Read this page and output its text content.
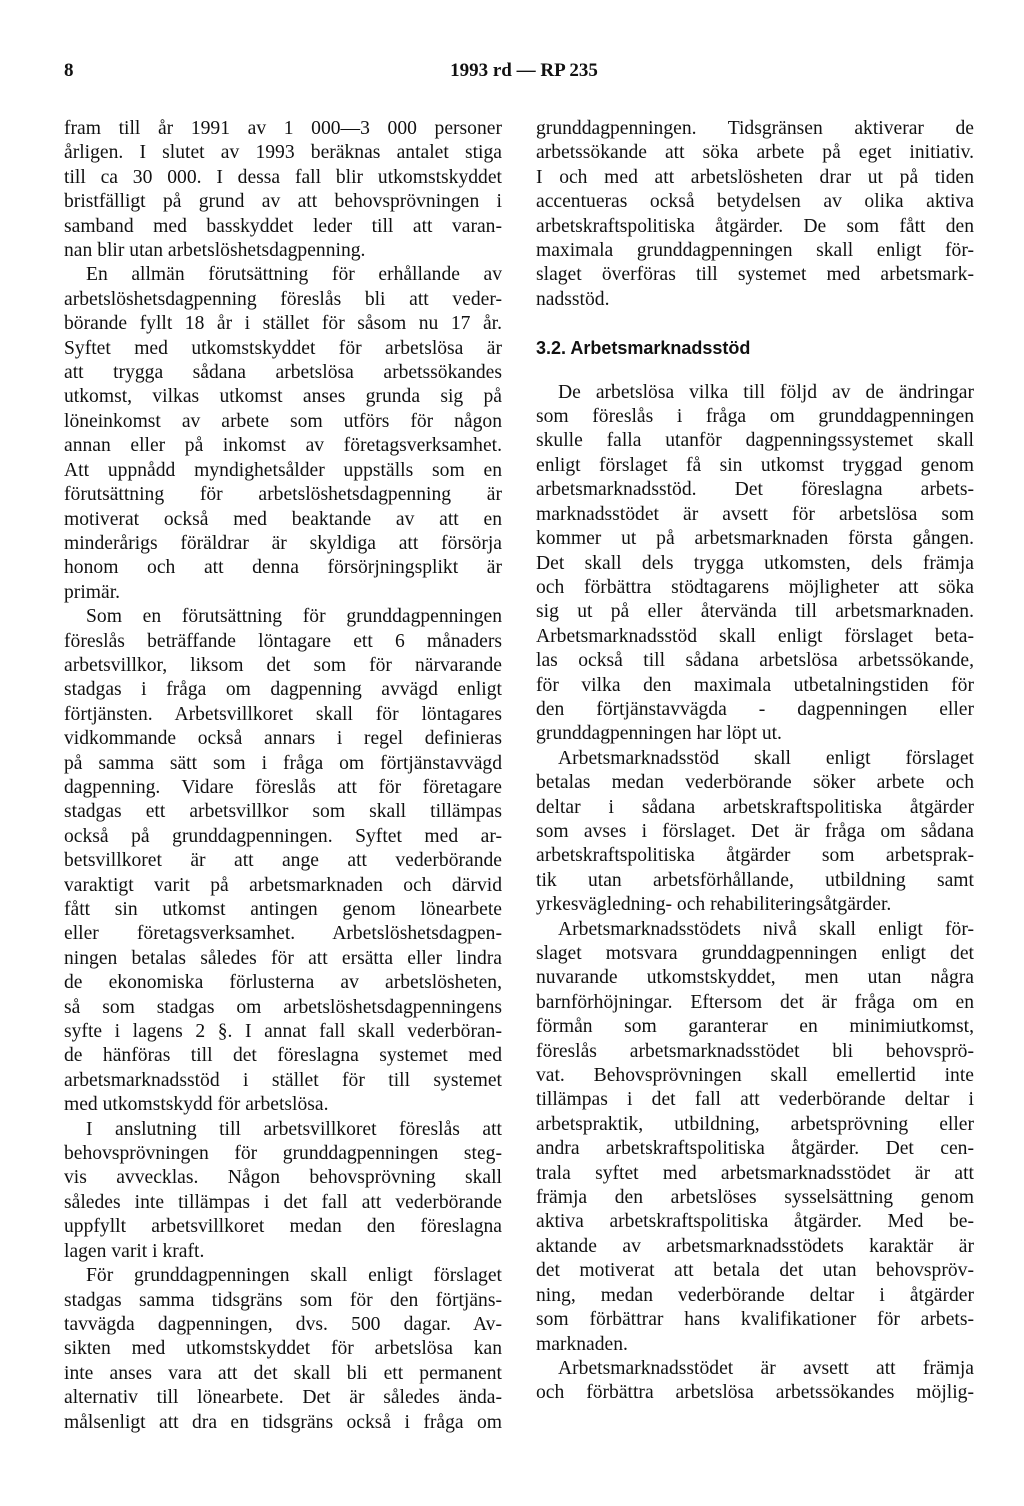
8	1993 rd — RP 235
fram till år 1991 av 1 000—3 000 personer
årligen. I slutet av 1993 beräknas antalet stiga
till ca 30 000. I dessa fall blir utkomstskyddet
bristfälligt på grund av att behovsprövningen i
samband med basskyddet leder till att varan-
nan blir utan arbetslöshetsdagpenning.
En allmän förutsättning för erhållande av
arbetslöshetsdagpenning föreslås bli att veder-
börande fyllt 18 år i stället för såsom nu 17 år.
Syftet med utkomstskyddet för arbetslösa är
att trygga sådana arbetslösa arbetssökandes
utkomst, vilkas utkomst anses grunda sig på
löneinkomst av arbete som utförs för någon
annan eller på inkomst av företagsverksamhet.
Att uppnådd myndighetsålder uppställs som en
förutsättning för arbetslöshetsdagpenning är
motiverat också med beaktande av att en
minderårigs föräldrar är skyldiga att försörja
honom och att denna försörjningsplikt är
primär.
Som en förutsättning för grunddagpenningen
föreslås beträffande löntagare ett 6 månaders
arbetsvillkor, liksom det som för närvarande
stadgas i fråga om dagpenning avvägd enligt
förtjänsten. Arbetsvillkoret skall för löntagares
vidkommande också annars i regel definieras
på samma sätt som i fråga om förtjänstavvägd
dagpenning. Vidare föreslås att för företagare
stadgas ett arbetsvillkor som skall tillämpas
också på grunddagpenningen. Syftet med ar-
betsvillkoret är att ange att vederbörande
varaktigt varit på arbetsmarknaden och därvid
fått sin utkomst antingen genom lönearbete
eller företagsverksamhet. Arbetslöshetsdagpen-
ningen betalas således för att ersätta eller lindra
de ekonomiska förlusterna av arbetslösheten,
så som stadgas om arbetslöshetsdagpenningens
syfte i lagens 2 §. I annat fall skall vederböran-
de hänföras till det föreslagna systemet med
arbetsmarknadsstöd i stället för till systemet
med utkomstskydd för arbetslösa.
I anslutning till arbetsvillkoret föreslås att
behovsprövningen för grunddagpenningen steg-
vis avvecklas. Någon behovsprövning skall
således inte tillämpas i det fall att vederbörande
uppfyllt arbetsvillkoret medan den föreslagna
lagen varit i kraft.
För grunddagpenningen skall enligt förslaget
stadgas samma tidsgräns som för den förtjäns-
tavvägda dagpenningen, dvs. 500 dagar. Av-
sikten med utkomstskyddet för arbetslösa kan
inte anses vara att det skall bli ett permanent
alternativ till lönearbete. Det är således ända-
målsenligt att dra en tidsgräns också i fråga om
grunddagpenningen. Tidsgränsen aktiverar de
arbetssökande att söka arbete på eget initiativ.
I och med att arbetslösheten drar ut på tiden
accentueras också betydelsen av olika aktiva
arbetskraftspolitiska åtgärder. De som fått den
maximala grunddagpenningen skall enligt för-
slaget överföras till systemet med arbetsmark-
nadsstöd.
3.2. Arbetsmarknadsstöd
De arbetslösa vilka till följd av de ändringar
som föreslås i fråga om grunddagpenningen
skulle falla utanför dagpenningssystemet skall
enligt förslaget få sin utkomst tryggad genom
arbetsmarknadsstöd. Det föreslagna arbets-
marknadsstödet är avsett för arbetslösa som
kommer ut på arbetsmarknaden första gången.
Det skall dels trygga utkomsten, dels främja
och förbättra stödtagarens möjligheter att söka
sig ut på eller återvända till arbetsmarknaden.
Arbetsmarknadsstöd skall enligt förslaget beta-
las också till sådana arbetslösa arbetssökande,
för vilka den maximala utbetalningstiden för
den förtjänstavvägda - dagpenningen eller
grunddagpenningen har löpt ut.
Arbetsmarknadsstöd skall enligt förslaget
betalas medan vederbörande söker arbete och
deltar i sådana arbetskraftspolitiska åtgärder
som avses i förslaget. Det är fråga om sådana
arbetskraftspolitiska åtgärder som arbetsprak-
tik utan arbetsförhållande, utbildning samt
yrkesvägledning- och rehabiliteringsåtgärder.
Arbetsmarknadsstödets nivå skall enligt för-
slaget motsvara grunddagpenningen enligt det
nuvarande utkomstskyddet, men utan några
barnförhöjningar. Eftersom det är fråga om en
förmån som garanterar en minimiutkomst,
föreslås arbetsmarknadsstödet bli behovsprö-
vat. Behovsprövningen skall emellertid inte
tillämpas i det fall att vederbörande deltar i
arbetspraktik, utbildning, arbetsprövning eller
andra arbetskraftspolitiska åtgärder. Det cen-
trala syftet med arbetsmarknadsstödet är att
främja den arbetslöses sysselsättning genom
aktiva arbetskraftspolitiska åtgärder. Med be-
aktande av arbetsmarknadsstödets karaktär är
det motiverat att betala det utan behovspröv-
ning, medan vederbörande deltar i åtgärder
som förbättrar hans kvalifikationer för arbets-
marknaden.
Arbetsmarknadsstödet är avsett att främja
och förbättra arbetslösa arbetssökandes möjlig-
